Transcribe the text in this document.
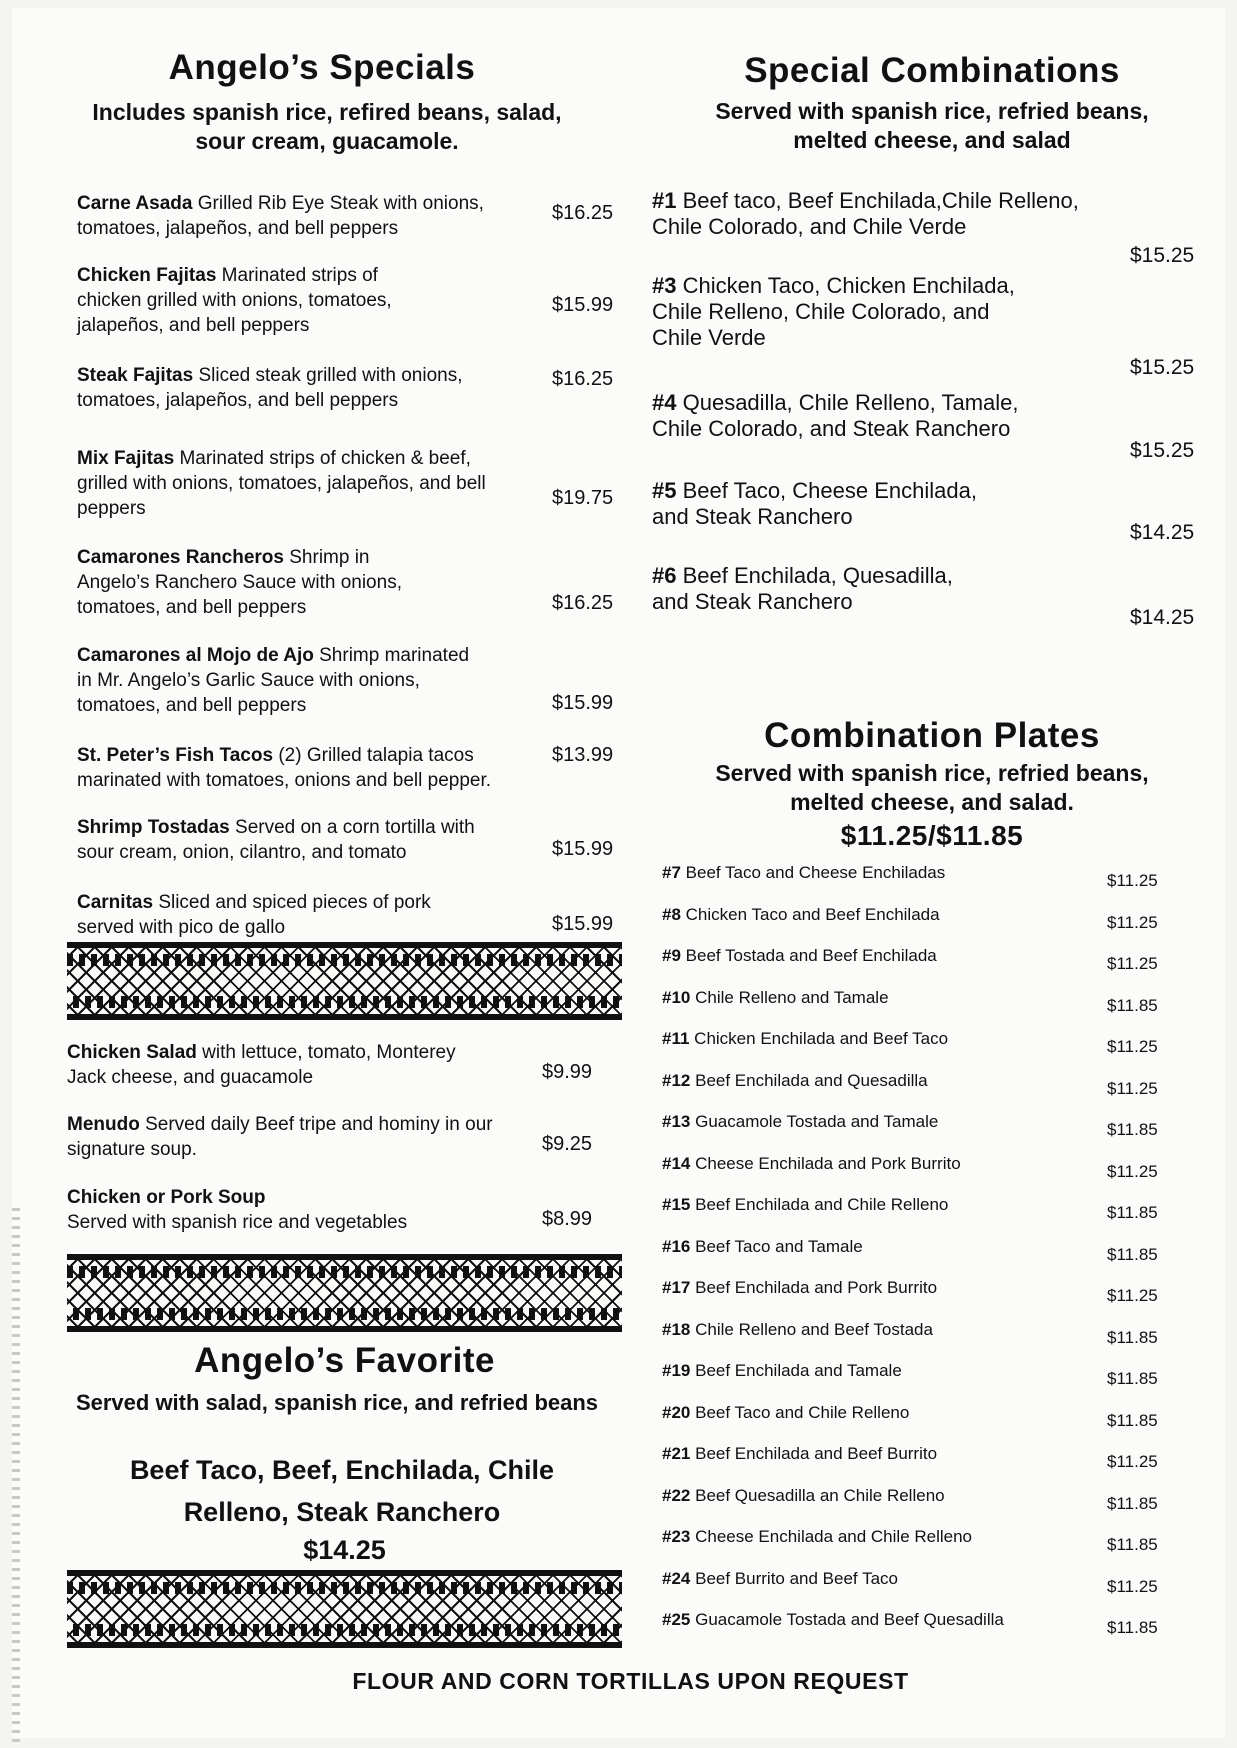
Angelo’s Specials
Includes spanish rice, refired beans, salad, sour cream, guacamole.
Carne Asada Grilled Rib Eye Steak with onions, tomatoes, jalapeños, and bell peppers
$16.25
Chicken Fajitas Marinated strips of chicken grilled with onions, tomatoes, jalapeños, and bell peppers
$15.99
Steak Fajitas Sliced steak grilled with onions, tomatoes, jalapeños, and bell peppers
$16.25
Mix Fajitas Marinated strips of chicken & beef, grilled with onions, tomatoes, jalapeños, and bell peppers	$19.75
Camarones Rancheros Shrimp in Angelo’s Ranchero Sauce with onions, tomatoes, and bell peppers	$16.25
Camarones al Mojo de Ajo Shrimp marinated in Mr. Angelo’s Garlic Sauce with onions, tomatoes, and bell peppers	$15.99
St. Peter’s Fish Tacos (2) Grilled talapia tacos marinated with tomatoes, onions and bell pepper.
$13.99
Shrimp Tostadas Served on a corn tortilla with sour cream, onion, cilantro, and tomato	$15.99
Carnitas Sliced and spiced pieces of pork served with pico de gallo	$15.99
Chicken Salad with lettuce, tomato, Monterey Jack cheese, and guacamole	$9.99
Menudo Served daily Beef tripe and hominy in our signature soup.	$9.25
Chicken or Pork Soup
Served with spanish rice and vegetables	$8.99
Angelo’s Favorite
Served with salad, spanish rice, and refried beans
Beef Taco, Beef, Enchilada, Chile Relleno, Steak Ranchero
$14.25
Special Combinations
Served with spanish rice, refried beans, melted cheese, and salad
#1 Beef taco, Beef Enchilada,Chile Relleno, Chile Colorado, and Chile Verde
$15.25
#3 Chicken Taco, Chicken Enchilada, Chile Relleno, Chile Colorado, and Chile Verde
$15.25
#4 Quesadilla, Chile Relleno, Tamale, Chile Colorado, and Steak Ranchero
$15.25
#5 Beef Taco, Cheese Enchilada, and Steak Ranchero
$14.25
#6 Beef Enchilada, Quesadilla, and Steak Ranchero
$14.25
Combination Plates
Served with spanish rice, refried beans, melted cheese, and salad.
$11.25/$11.85
#7 Beef Taco and Cheese Enchiladas	$11.25
#8 Chicken Taco and Beef Enchilada	$11.25
#9 Beef Tostada and Beef Enchilada	$11.25
#10 Chile Relleno and Tamale	$11.85
#11 Chicken Enchilada and Beef Taco	$11.25
#12 Beef Enchilada and Quesadilla	$11.25
#13 Guacamole Tostada and Tamale	$11.85
#14 Cheese Enchilada and Pork Burrito	$11.25
#15 Beef Enchilada and Chile Relleno	$11.85
#16 Beef Taco and Tamale	$11.85
#17 Beef Enchilada and Pork Burrito	$11.25
#18 Chile Relleno and Beef Tostada	$11.85
#19 Beef Enchilada and Tamale	$11.85
#20 Beef Taco and Chile Relleno	$11.85
#21 Beef Enchilada and Beef Burrito	$11.25
#22 Beef Quesadilla an Chile Relleno	$11.85
#23 Cheese Enchilada and Chile Relleno	$11.85
#24 Beef Burrito and Beef Taco	$11.25
#25 Guacamole Tostada and Beef Quesadilla	$11.85
FLOUR AND CORN TORTILLAS UPON REQUEST
